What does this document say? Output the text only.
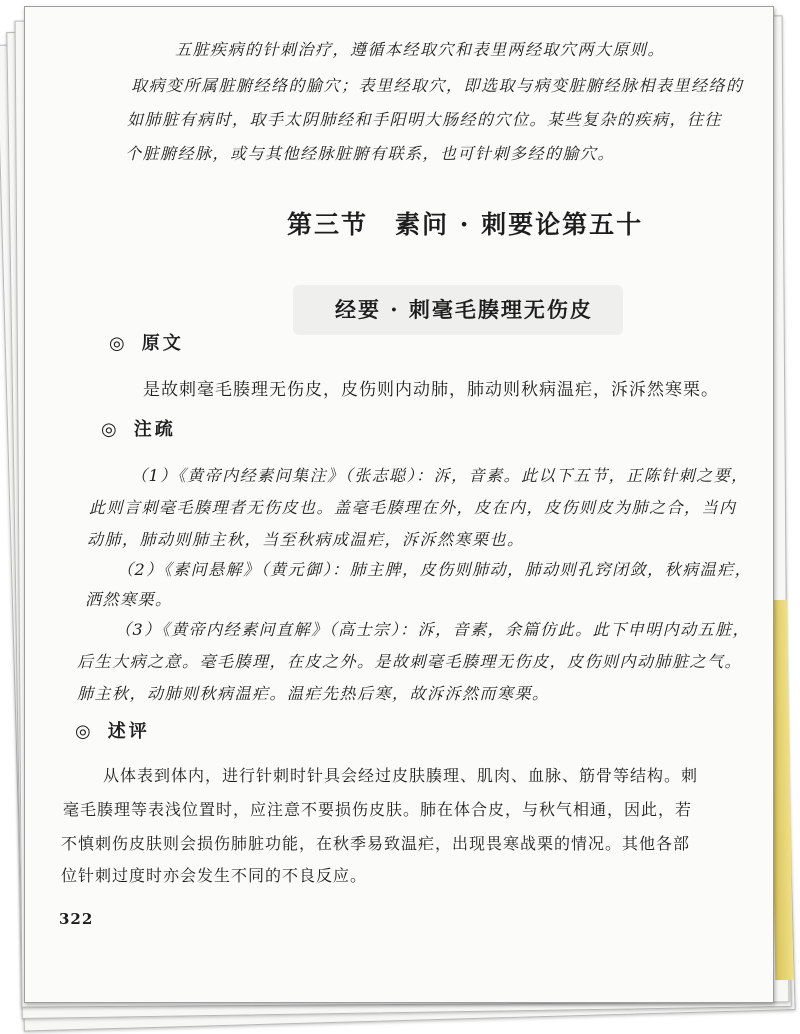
五脏疾病的针刺治疗，遵循本经取穴和表里两经取穴两大原则。
取病变所属脏腑经络的腧穴；表里经取穴，即选取与病变脏腑经脉相表里经络的
如肺脏有病时，取手太阴肺经和手阳明大肠经的穴位。某些复杂的疾病，往往
个脏腑经脉，或与其他经脉脏腑有联系，也可针刺多经的腧穴。
第三节　素问 · 刺要论第五十
经要 · 刺毫毛腠理无伤皮
◎ 原文
是故刺毫毛腠理无伤皮，皮伤则内动肺，肺动则秋病温疟，泝泝然寒栗。
◎ 注疏
（1）《黄帝内经素问集注》（张志聪）：泝，音素。此以下五节，正陈针刺之要，
此则言刺毫毛腠理者无伤皮也。盖毫毛腠理在外，皮在内，皮伤则皮为肺之合，当内
动肺，肺动则肺主秋，当至秋病成温疟，泝泝然寒栗也。
（2）《素问悬解》（黄元御）：肺主脾，皮伤则肺动，肺动则孔窍闭敛，秋病温疟，
洒然寒栗。
（3）《黄帝内经素问直解》（高士宗）：泝，音素，余篇仿此。此下申明内动五脏，
后生大病之意。毫毛腠理，在皮之外。是故刺毫毛腠理无伤皮，皮伤则内动肺脏之气。
肺主秋，动肺则秋病温疟。温疟先热后寒，故泝泝然而寒栗。
◎ 述评
从体表到体内，进行针刺时针具会经过皮肤腠理、肌肉、血脉、筋骨等结构。刺
毫毛腠理等表浅位置时，应注意不要损伤皮肤。肺在体合皮，与秋气相通，因此，若
不慎刺伤皮肤则会损伤肺脏功能，在秋季易致温疟，出现畏寒战栗的情况。其他各部
位针刺过度时亦会发生不同的不良反应。
322
